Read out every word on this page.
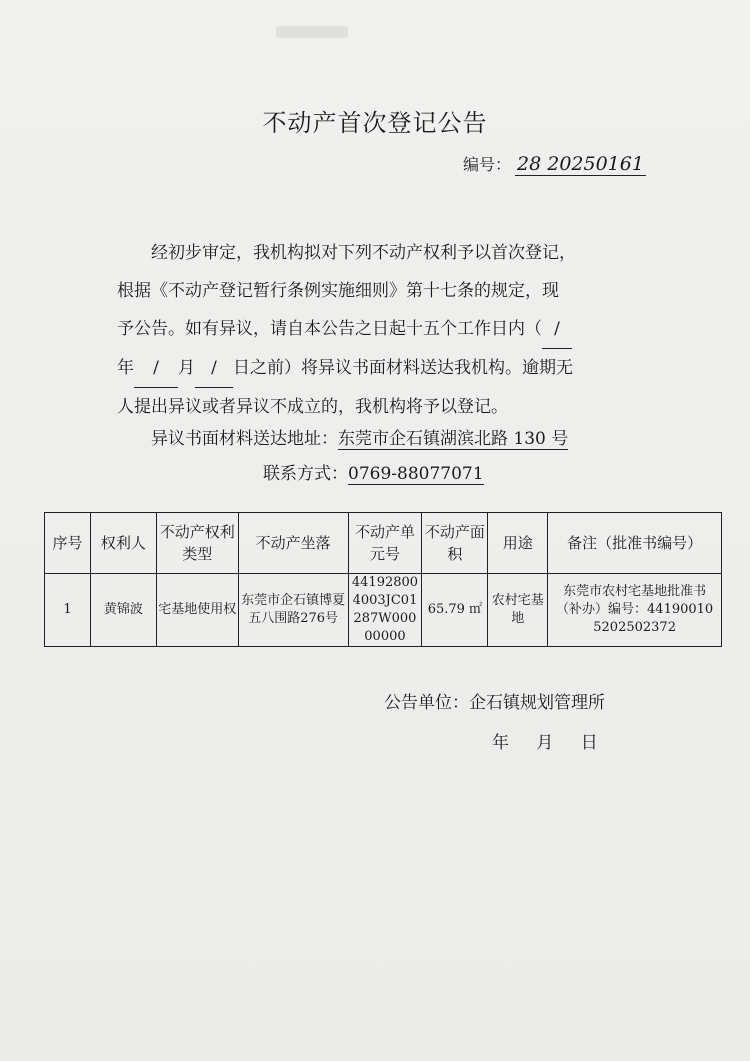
不动产首次登记公告
编号： 28 20250161

经初步审定，我机构拟对下列不动产权利予以首次登记，

根据《不动产登记暂行条例实施细则》第十七条的规定，现
予公告。如有异议，请自本公告之日起十五个工作日内（ /
年 / 月 / 日之前）将异议书面材料送达我机构。逾期无
人提出异议或者异议不成立的，我机构将予以登记。
异议书面材料送达地址：东莞市企石镇湖滨北路 130 号
联系方式：0769-88077071
序号	权利人	不动产权利类型	不动产坐落	不动产单元号	不动产面积	用途	备注（批准书编号）
1	黄锦波	宅基地使用权	东莞市企石镇博夏五八围路276号	441928004003JC01287W00000000	65.79 ㎡	农村宅基地	东莞市农村宅基地批准书（补办）编号：441900105202502372
公告单位：企石镇规划管理所
年 月 日
